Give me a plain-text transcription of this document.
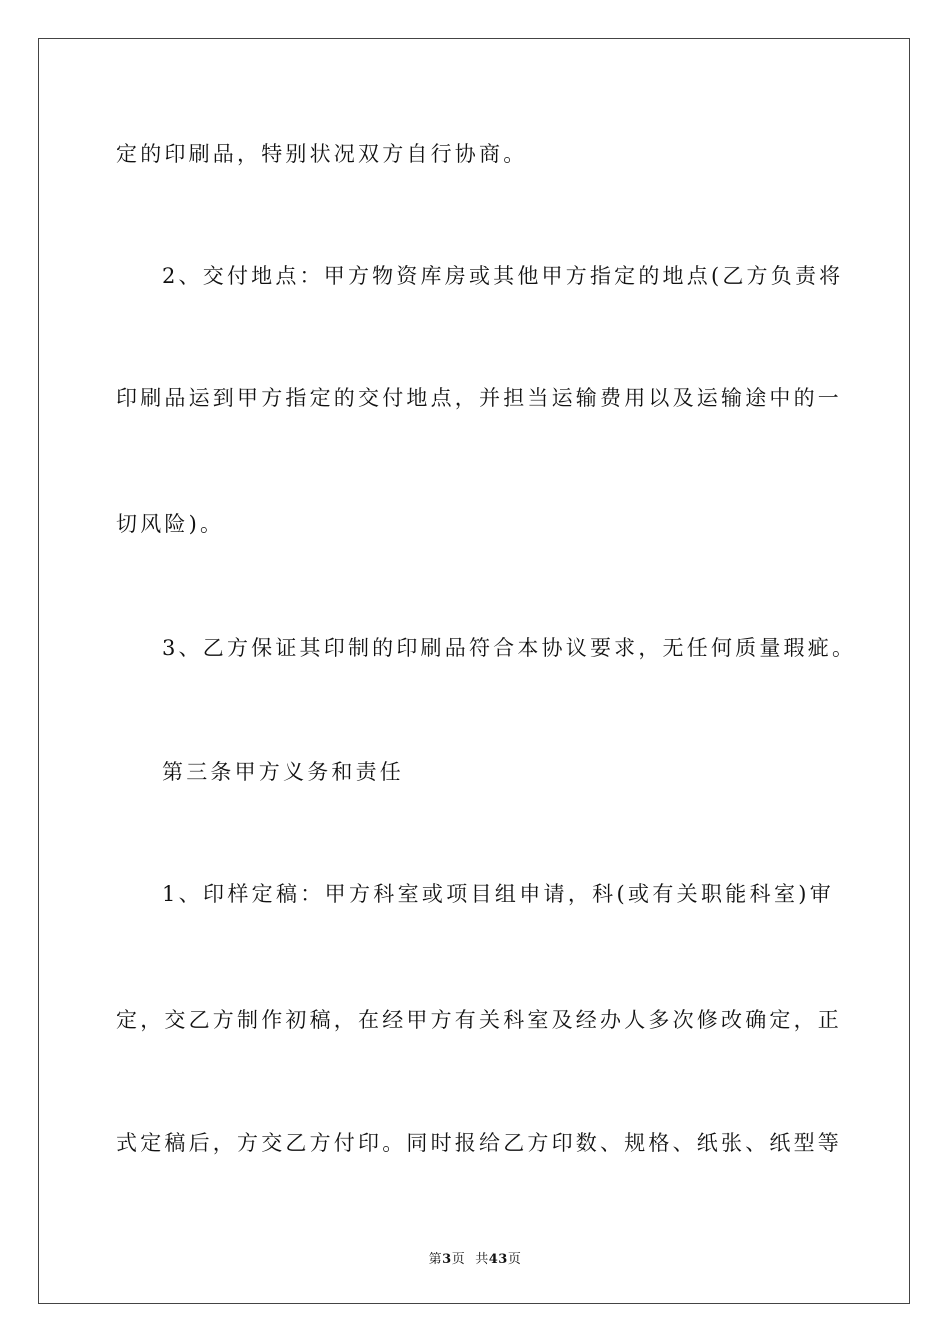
定的印刷品，特别状况双方自行协商。
2、交付地点：甲方物资库房或其他甲方指定的地点(乙方负责将
印刷品运到甲方指定的交付地点，并担当运输费用以及运输途中的一
切风险)。
3、乙方保证其印制的印刷品符合本协议要求，无任何质量瑕疵。
第三条甲方义务和责任
1、印样定稿：甲方科室或项目组申请，科(或有关职能科室)审
定，交乙方制作初稿，在经甲方有关科室及经办人多次修改确定，正
式定稿后，方交乙方付印。同时报给乙方印数、规格、纸张、纸型等
第3页 共43页
